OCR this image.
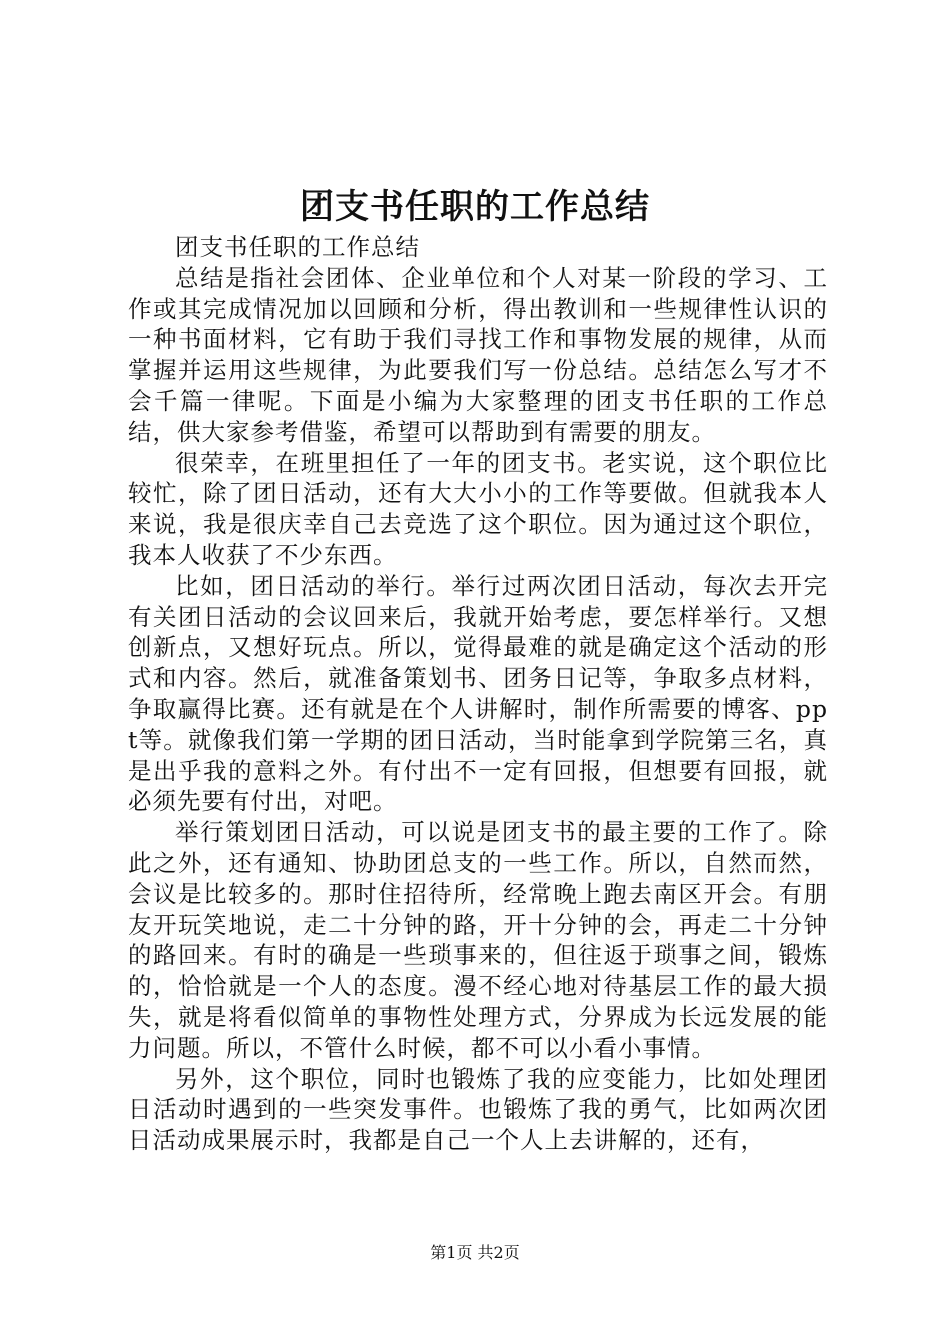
团支书任职的工作总结

团支书任职的工作总结

总结是指社会团体、企业单位和个人对某一阶段的学习、工作或其完成情况加以回顾和分析，得出教训和一些规律性认识的一种书面材料，它有助于我们寻找工作和事物发展的规律，从而掌握并运用这些规律，为此要我们写一份总结。总结怎么写才不会千篇一律呢。下面是小编为大家整理的团支书任职的工作总结，供大家参考借鉴，希望可以帮助到有需要的朋友。

很荣幸，在班里担任了一年的团支书。老实说，这个职位比较忙，除了团日活动，还有大大小小的工作等要做。但就我本人来说，我是很庆幸自己去竞选了这个职位。因为通过这个职位，我本人收获了不少东西。

比如，团日活动的举行。举行过两次团日活动，每次去开完有关团日活动的会议回来后，我就开始考虑，要怎样举行。又想创新点，又想好玩点。所以，觉得最难的就是确定这个活动的形式和内容。然后，就准备策划书、团务日记等，争取多点材料，争取赢得比赛。还有就是在个人讲解时，制作所需要的博客、ppt等。就像我们第一学期的团日活动，当时能拿到学院第三名，真是出乎我的意料之外。有付出不一定有回报，但想要有回报，就必须先要有付出，对吧。

举行策划团日活动，可以说是团支书的最主要的工作了。除此之外，还有通知、协助团总支的一些工作。所以，自然而然，会议是比较多的。那时住招待所，经常晚上跑去南区开会。有朋友开玩笑地说，走二十分钟的路，开十分钟的会，再走二十分钟的路回来。有时的确是一些琐事来的，但往返于琐事之间，锻炼的，恰恰就是一个人的态度。漫不经心地对待基层工作的最大损失，就是将看似简单的事物性处理方式，分界成为长远发展的能力问题。所以，不管什么时候，都不可以小看小事情。

另外，这个职位，同时也锻炼了我的应变能力，比如处理团日活动时遇到的一些突发事件。也锻炼了我的勇气，比如两次团日活动成果展示时，我都是自己一个人上去讲解的，还有，

第1页 共2页
